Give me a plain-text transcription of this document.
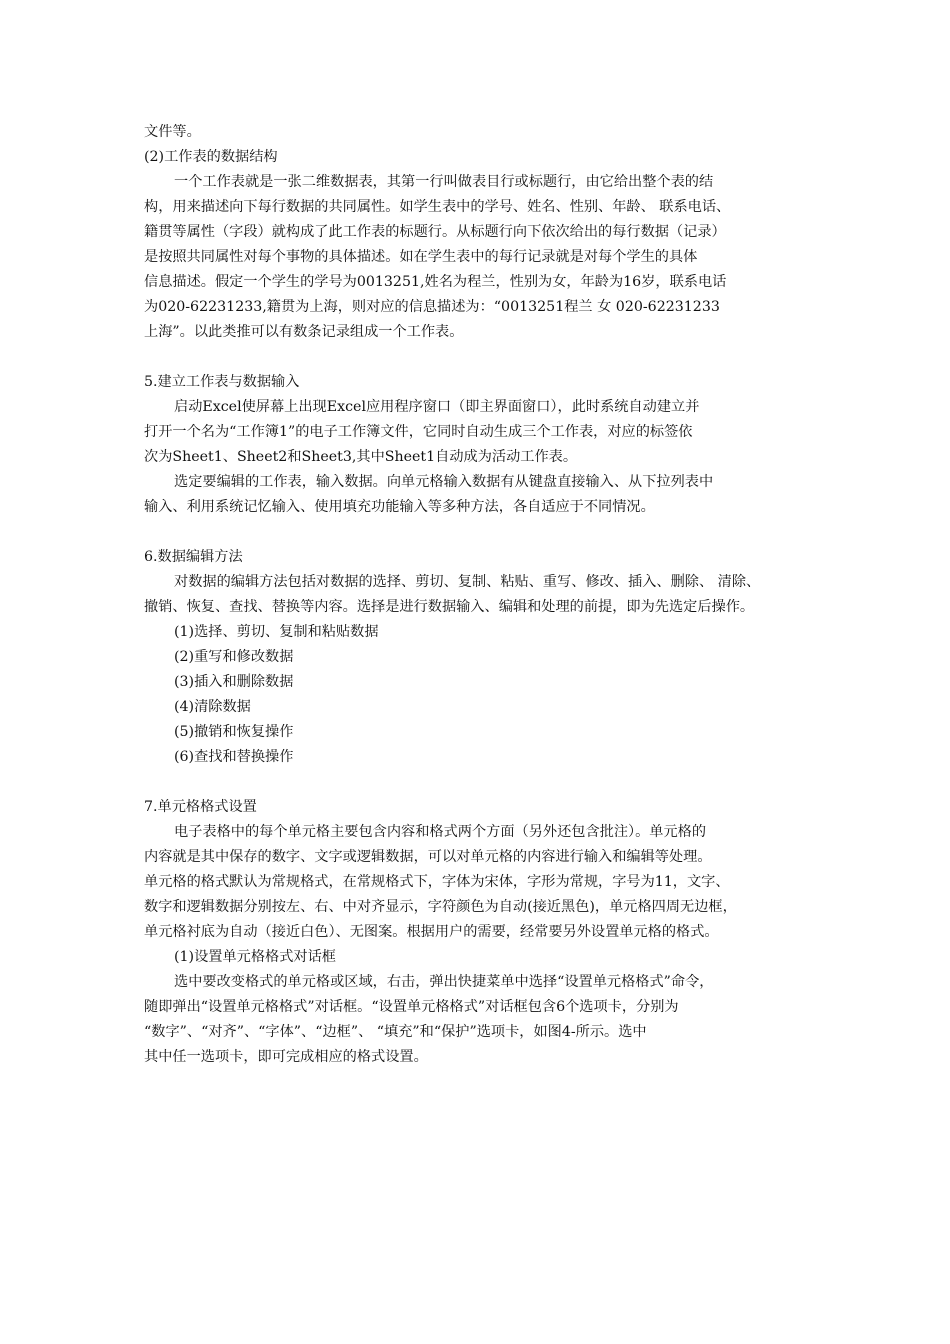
文件等。
(2)工作表的数据结构
一个工作表就是一张二维数据表，其第一行叫做表目行或标题行，由它给出整个表的结
构，用来描述向下每行数据的共同属性。如学生表中的学号、姓名、性别、年龄、 联系电话、
籍贯等属性（字段）就构成了此工作表的标题行。从标题行向下依次给出的每行数据（记录）
是按照共同属性对每个事物的具体描述。如在学生表中的每行记录就是对每个学生的具体
信息描述。假定一个学生的学号为0013251,姓名为程兰，性别为女，年龄为16岁，联系电话
为020-62231233,籍贯为上海，则对应的信息描述为：“0013251程兰 女 020-62231233
上海”。以此类推可以有数条记录组成一个工作表。
5.建立工作表与数据输入
启动Excel使屏幕上出现Excel应用程序窗口（即主界面窗口），此时系统自动建立并
打开一个名为“工作簿1”的电子工作簿文件，它同时自动生成三个工作表，对应的标签依
次为Sheet1、Sheet2和Sheet3,其中Sheet1自动成为活动工作表。
选定要编辑的工作表，输入数据。向单元格输入数据有从键盘直接输入、从下拉列表中
输入、利用系统记忆输入、使用填充功能输入等多种方法，各自适应于不同情况。
6.数据编辑方法
对数据的编辑方法包括对数据的选择、剪切、复制、粘贴、重写、修改、插入、删除、 清除、
撤销、恢复、查找、替换等内容。选择是进行数据输入、编辑和处理的前提，即为先选定后操作。
(1)选择、剪切、复制和粘贴数据
(2)重写和修改数据
(3)插入和删除数据
(4)清除数据
(5)撤销和恢复操作
(6)查找和替换操作
7.单元格格式设置
电子表格中的每个单元格主要包含内容和格式两个方面（另外还包含批注）。单元格的
内容就是其中保存的数字、文字或逻辑数据，可以对单元格的内容进行输入和编辑等处理。
单元格的格式默认为常规格式，在常规格式下，字体为宋体，字形为常规，字号为11，文字、
数字和逻辑数据分别按左、右、中对齐显示，字符颜色为自动(接近黑色)，单元格四周无边框，
单元格衬底为自动（接近白色）、无图案。根据用户的需要，经常要另外设置单元格的格式。
(1)设置单元格格式对话框
选中要改变格式的单元格或区域，右击，弹出快捷菜单中选择“设置单元格格式”命令，
随即弹出“设置单元格格式”对话框。“设置单元格格式”对话框包含6个选项卡，分别为
“数字”、“对齐”、“字体”、“边框”、 “填充”和“保护”选项卡，如图4-所示。选中
其中任一选项卡，即可完成相应的格式设置。
